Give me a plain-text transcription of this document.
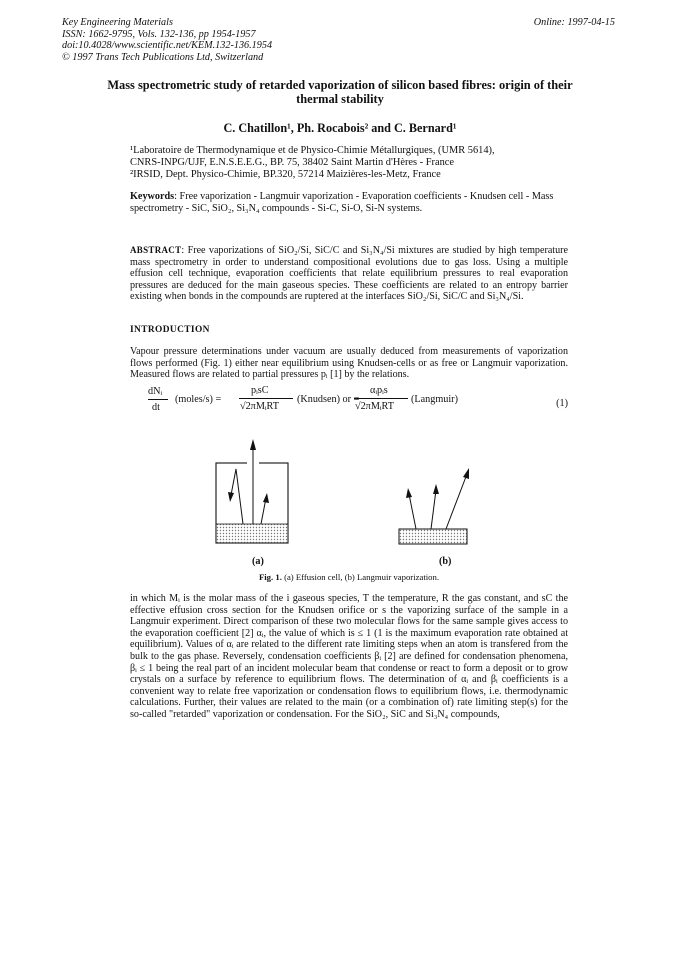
Key Engineering Materials
ISSN: 1662-9795, Vols. 132-136, pp 1954-1957
doi:10.4028/www.scientific.net/KEM.132-136.1954
© 1997 Trans Tech Publications Ltd, Switzerland
Online: 1997-04-15
Mass spectrometric study of retarded vaporization of silicon based fibres: origin of their thermal stability
C. Chatillon¹, Ph. Rocabois² and C. Bernard¹
¹Laboratoire de Thermodynamique et de Physico-Chimie Métallurgiques, (UMR 5614),
CNRS-INPG/UJF, E.N.S.E.E.G., BP. 75, 38402 Saint Martin d'Hères - France
²IRSID, Dept. Physico-Chimie, BP.320, 57214 Maizières-les-Metz, France
Keywords: Free vaporization - Langmuir vaporization - Evaporation coefficients - Knudsen cell - Mass spectrometry - SiC, SiO₂, Si₃N₄ compounds - Si-C, Si-O, Si-N systems.
ABSTRACT: Free vaporizations of SiO₂/Si, SiC/C and Si₃N₄/Si mixtures are studied by high temperature mass spectrometry in order to understand compositional evolutions due to gas loss. Using a multiple effusion cell technique, evaporation coefficients that relate equilibrium pressures to real evaporation pressures are deduced for the main gaseous species. These coefficients are related to an entropy barrier existing when bonds in the compounds are ruptered at the interfaces SiO₂/Si, SiC/C and Si₃N₄/Si.
INTRODUCTION
Vapour pressure determinations under vacuum are usually deduced from measurements of vaporization flows performed (Fig. 1) either near equilibrium using Knudsen-cells or as free or Langmuir vaporization. Measured flows are related to partial pressures pᵢ [1] by the relations.
dNᵢ
dt
(moles/s) =
pᵢsC
√2πMᵢRT
(Knudsen) or =
αᵢpᵢs
√2πMᵢRT
(Langmuir)	(1)
(a)	(b)
Fig. 1. (a) Effusion cell, (b) Langmuir vaporization.
in which Mᵢ is the molar mass of the i gaseous species, T the temperature, R the gas constant, and sC the effective effusion cross section for the Knudsen orifice or s the vaporizing surface of the sample in a Langmuir experiment. Direct comparison of these two molecular flows for the same sample gives access to the evaporation coefficient [2] αᵢ, the value of which is ≤ 1 (1 is the maximum evaporation rate obtained at equilibrium). Values of αᵢ are related to the different rate limiting steps when an atom is transfered from the bulk to the gas phase. Reversely, condensation coefficients βᵢ [2] are defined for condensation phenomena, βᵢ ≤ 1 being the real part of an incident molecular beam that condense or react to form a deposit or to grow crystals on a surface by reference to equilibrium flows. The determination of αᵢ and βᵢ coefficients is a convenient way to relate free vaporization or condensation flows to equilibrium flows, i.e. thermodynamic calculations. Further, their values are related to the main (or a combination of) rate limiting step(s) for the so-called "retarded" vaporization or condensation. For the SiO₂, SiC and Si₃N₄ compounds,
